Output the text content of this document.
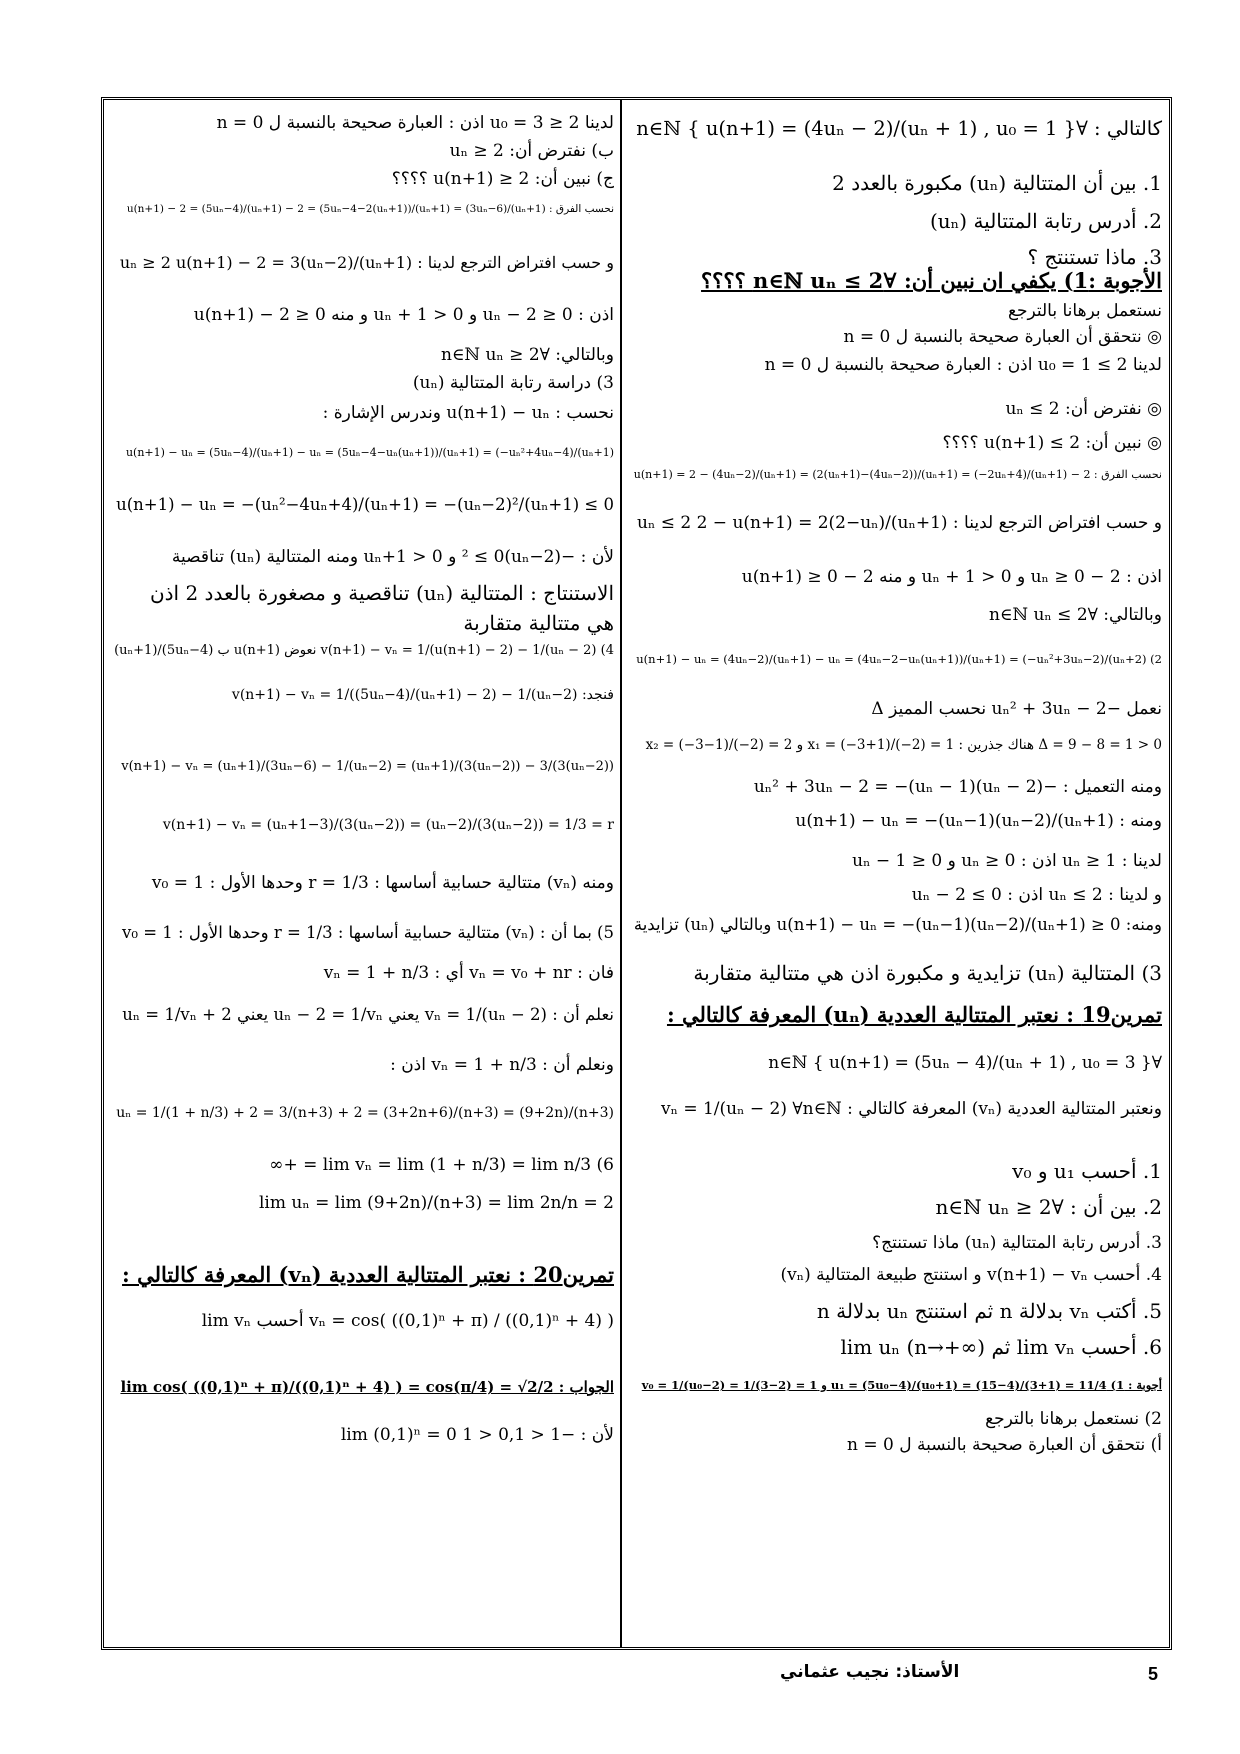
كالتالي : ∀n∈ℕ { u(n+1) = (4uₙ − 2)/(uₙ + 1) , u₀ = 1 }
1. بين أن المتتالية (uₙ) مكبورة بالعدد 2
2. أدرس رتابة المتتالية (uₙ)
3. ماذا تستنتج ؟
الأجوبة :1) يكفي ان نبين أن: ∀n∈ℕ uₙ ≤ 2 ؟؟؟؟
نستعمل برهانا بالترجع
◎ نتحقق أن العبارة صحيحة بالنسبة ل n = 0
لدينا 2 ≥ 1 = u₀ اذن : العبارة صحيحة بالنسبة ل n = 0
◎ نفترض أن: uₙ ≤ 2
◎ نبين أن: u(n+1) ≤ 2 ؟؟؟؟
نحسب الفرق : 2 − u(n+1) = 2 − (4uₙ−2)/(uₙ+1) = (2(uₙ+1)−(4uₙ−2))/(uₙ+1) = (−2uₙ+4)/(uₙ+1)
و حسب افتراض الترجع لدينا : uₙ ≤ 2 2 − u(n+1) = 2(2−uₙ)/(uₙ+1)
اذن : 2 − uₙ ≥ 0 و uₙ + 1 > 0 و منه 2 − u(n+1) ≥ 0
وبالتالي: ∀n∈ℕ uₙ ≤ 2
2) u(n+1) − uₙ = (4uₙ−2)/(uₙ+1) − uₙ = (4uₙ−2−uₙ(uₙ+1))/(uₙ+1) = (−uₙ²+3uₙ−2)/(uₙ+2)
نعمل −uₙ² + 3uₙ − 2 نحسب المميز Δ
Δ = 9 − 8 = 1 > 0 هناك جذرين : x₁ = (−3+1)/(−2) = 1 و x₂ = (−3−1)/(−2) = 2
ومنه التعميل : −uₙ² + 3uₙ − 2 = −(uₙ − 1)(uₙ − 2)
ومنه : u(n+1) − uₙ = −(uₙ−1)(uₙ−2)/(uₙ+1)
لدينا : uₙ ≥ 1 اذن : uₙ ≥ 0 و uₙ − 1 ≥ 0
و لدينا : uₙ ≤ 2 اذن : uₙ − 2 ≤ 0
ومنه: u(n+1) − uₙ = −(uₙ−1)(uₙ−2)/(uₙ+1) ≥ 0 وبالتالي (uₙ) تزايدية
3) المتتالية (uₙ) تزايدية و مكبورة اذن هي متتالية متقاربة
تمرين19 : نعتبر المتتالية العددية (uₙ) المعرفة كالتالي :
∀n∈ℕ { u(n+1) = (5uₙ − 4)/(uₙ + 1) , u₀ = 3 }
ونعتبر المتتالية العددية (vₙ) المعرفة كالتالي : vₙ = 1/(uₙ − 2) ∀n∈ℕ
1. أحسب u₁ و v₀
2. بين أن : ∀n∈ℕ uₙ ≥ 2
3. أدرس رتابة المتتالية (uₙ) ماذا تستنتج؟
4. أحسب v(n+1) − vₙ و استنتج طبيعة المتتالية (vₙ)
5. أكتب vₙ بدلالة n ثم استنتج uₙ بدلالة n
6. أحسب lim vₙ ثم lim uₙ (n→+∞)
أجوبة : 1) u₁ = (5u₀−4)/(u₀+1) = (15−4)/(3+1) = 11/4 و v₀ = 1/(u₀−2) = 1/(3−2) = 1
2) نستعمل برهانا بالترجع
أ) نتحقق أن العبارة صحيحة بالنسبة ل n = 0
لدينا 2 ≤ 3 = u₀ اذن : العبارة صحيحة بالنسبة ل n = 0
ب) نفترض أن: uₙ ≥ 2
ج) نبين أن: u(n+1) ≥ 2 ؟؟؟؟
نحسب الفرق : u(n+1) − 2 = (5uₙ−4)/(uₙ+1) − 2 = (5uₙ−4−2(uₙ+1))/(uₙ+1) = (3uₙ−6)/(uₙ+1)
و حسب افتراض الترجع لدينا : uₙ ≥ 2 u(n+1) − 2 = 3(uₙ−2)/(uₙ+1)
اذن : uₙ − 2 ≥ 0 و uₙ + 1 > 0 و منه u(n+1) − 2 ≥ 0
وبالتالي: ∀n∈ℕ uₙ ≥ 2
3) دراسة رتابة المتتالية (uₙ)
نحسب : u(n+1) − uₙ وندرس الإشارة :
u(n+1) − uₙ = (5uₙ−4)/(uₙ+1) − uₙ = (5uₙ−4−uₙ(uₙ+1))/(uₙ+1) = (−uₙ²+4uₙ−4)/(uₙ+1)
u(n+1) − uₙ = −(uₙ²−4uₙ+4)/(uₙ+1) = −(uₙ−2)²/(uₙ+1) ≤ 0
لأن : −(uₙ−2)² ≤ 0 و uₙ+1 > 0 ومنه المتتالية (uₙ) تناقصية
الاستنتاج : المتتالية (uₙ) تناقصية و مصغورة بالعدد 2 اذن
هي متتالية متقاربة
4) v(n+1) − vₙ = 1/(u(n+1) − 2) − 1/(uₙ − 2) نعوض u(n+1) ب (5uₙ−4)/(uₙ+1)
فنجد: v(n+1) − vₙ = 1/((5uₙ−4)/(uₙ+1) − 2) − 1/(uₙ−2)
v(n+1) − vₙ = (uₙ+1)/(3uₙ−6) − 1/(uₙ−2) = (uₙ+1)/(3(uₙ−2)) − 3/(3(uₙ−2))
v(n+1) − vₙ = (uₙ+1−3)/(3(uₙ−2)) = (uₙ−2)/(3(uₙ−2)) = 1/3 = r
ومنه (vₙ) متتالية حسابية أساسها : r = 1/3 وحدها الأول : v₀ = 1
5) بما أن : (vₙ) متتالية حسابية أساسها : r = 1/3 وحدها الأول : v₀ = 1
فان : vₙ = v₀ + nr أي : vₙ = 1 + n/3
نعلم أن : vₙ = 1/(uₙ − 2) يعني uₙ − 2 = 1/vₙ يعني uₙ = 1/vₙ + 2
ونعلم أن : vₙ = 1 + n/3 اذن :
uₙ = 1/(1 + n/3) + 2 = 3/(n+3) + 2 = (3+2n+6)/(n+3) = (9+2n)/(n+3)
6) lim vₙ = lim (1 + n/3) = lim n/3 = +∞
lim uₙ = lim (9+2n)/(n+3) = lim 2n/n = 2
تمرين20 : نعتبر المتتالية العددية (vₙ) المعرفة كالتالي :
vₙ = cos( ((0,1)ⁿ + π) / ((0,1)ⁿ + 4) ) أحسب lim vₙ
الجواب : lim cos( ((0,1)ⁿ + π)/((0,1)ⁿ + 4) ) = cos(π/4) = √2/2
لأن : −1 < 0,1 < 1 lim (0,1)ⁿ = 0
5
الأستاذ: نجيب عثماني
